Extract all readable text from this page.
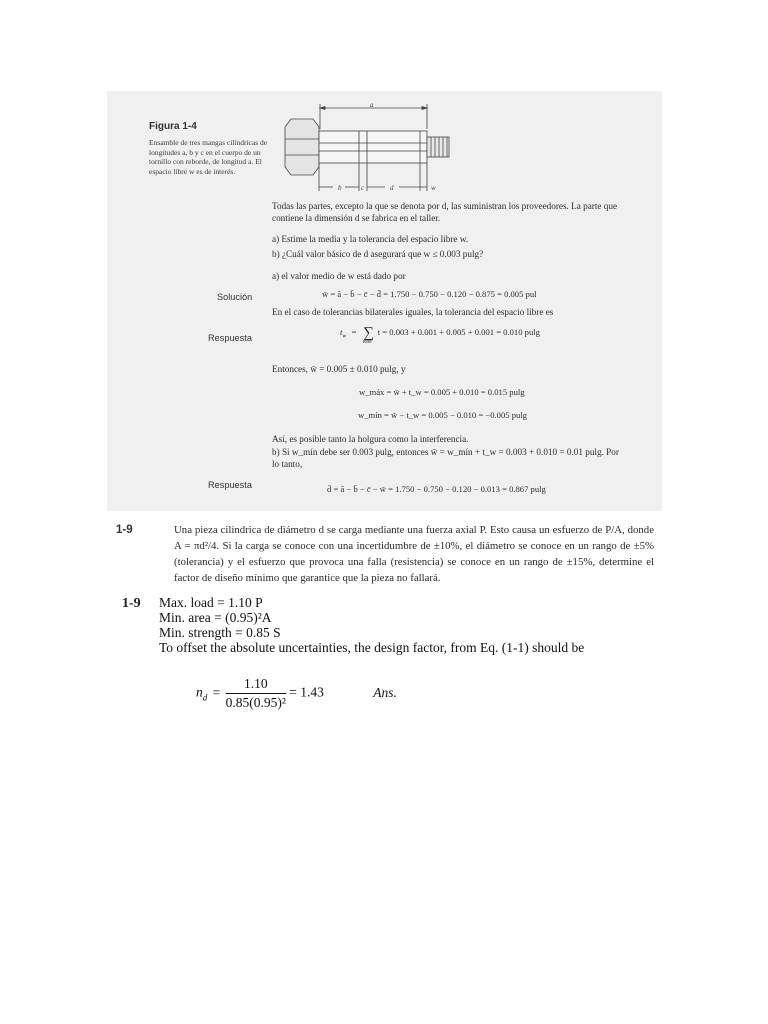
Figura 1-4
Ensamble de tres mangas cilíndricas de longitudes a, b y c en el cuerpo de un tornillo con reborde, de longitud a. El espacio libre w es de interés.
a
b	c	d	w
Todas las partes, excepto la que se denota por d, las suministran los proveedores. La parte que contiene la dimensión d se fabrica en el taller.
a) Estime la media y la tolerancia del espacio libre w.
b) ¿Cuál valor básico de d asegurará que w ≤ 0.003 pulg?
a) el valor medio de w está dado por
Solución	w̄ = ā − b̄ − c̄ − d̄ = 1.750 − 0.750 − 0.120 − 0.875 = 0.005 pul
En el caso de tolerancias bilaterales iguales, la tolerancia del espacio libre es
Respuesta
$t_w$ = ∑
todo
t = 0.003 + 0.001 + 0.005 + 0.001 = 0.010 pulg
Entonces, w̄ = 0.005 ± 0.010 pulg, y
w_máx = w̄ + t_w = 0.005 + 0.010 = 0.015 pulg
w_mín = w̄ − t_w = 0.005 − 0.010 = −0.005 pulg
Así, es posible tanto la holgura como la interferencia.
b) Si w_mín debe ser 0.003 pulg, entonces w̄ = w_mín + t_w = 0.003 + 0.010 = 0.01 pulg. Por
lo tanto,
Respuesta	d̄ = ā − b̄ − c̄ − w̄ = 1.750 − 0.750 − 0.120 − 0.013 = 0.867 pulg
1-9	Una pieza cilíndrica de diámetro d se carga mediante una fuerza axial P. Esto causa un esfuerzo de P/A, donde A = πd²/4. Si la carga se conoce con una incertidumbre de ±10%, el diámetro se conoce en un rango de ±5% (tolerancia) y el esfuerzo que provoca una falla (resistencia) se conoce en un rango de ±15%, determine el factor de diseño mínimo que garantice que la pieza no fallará.
1-9 Max. load = 1.10 P
Min. area = (0.95)²A
Min. strength = 0.85 S
To offset the absolute uncertainties, the design factor, from Eq. (1-1) should be
$n_d = \frac{1.10}{\text{0.85(0.95)²}} = 1.43$	Ans.
